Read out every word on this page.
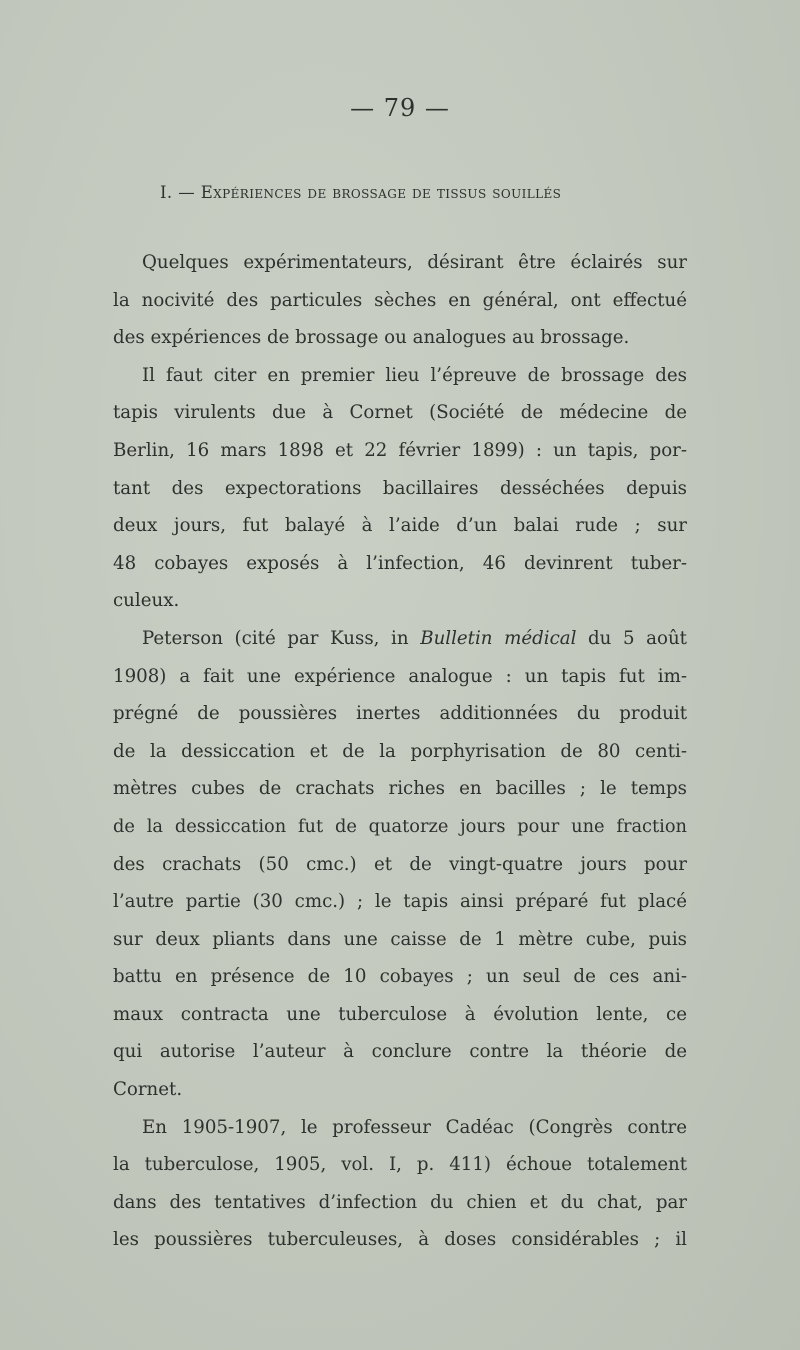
— 79 —
I. — Expériences de brossage de tissus souillés
Quelques expérimentateurs, désirant être éclairés sur
la nocivité des particules sèches en général, ont effectué
des expériences de brossage ou analogues au brossage.
Il faut citer en premier lieu l’épreuve de brossage des
tapis virulents due à Cornet (Société de médecine de
Berlin, 16 mars 1898 et 22 février 1899) : un tapis, por-
tant des expectorations bacillaires desséchées depuis
deux jours, fut balayé à l’aide d’un balai rude ; sur
48 cobayes exposés à l’infection, 46 devinrent tuber-
culeux.
Peterson (cité par Kuss, in Bulletin médical du 5 août
1908) a fait une expérience analogue : un tapis fut im-
prégné de poussières inertes additionnées du produit
de la dessiccation et de la porphyrisation de 80 centi-
mètres cubes de crachats riches en bacilles ; le temps
de la dessiccation fut de quatorze jours pour une fraction
des crachats (50 cmc.) et de vingt-quatre jours pour
l’autre partie (30 cmc.) ; le tapis ainsi préparé fut placé
sur deux pliants dans une caisse de 1 mètre cube, puis
battu en présence de 10 cobayes ; un seul de ces ani-
maux contracta une tuberculose à évolution lente, ce
qui autorise l’auteur à conclure contre la théorie de
Cornet.
En 1905-1907, le professeur Cadéac (Congrès contre
la tuberculose, 1905, vol. I, p. 411) échoue totalement
dans des tentatives d’infection du chien et du chat, par
les poussières tuberculeuses, à doses considérables ; il
